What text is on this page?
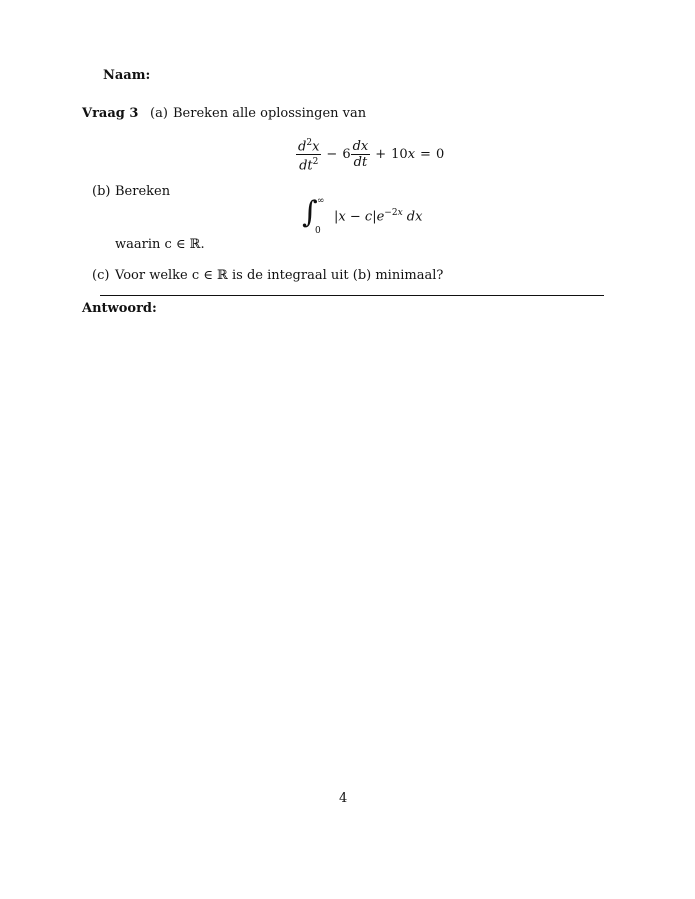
Naam:
Vraag 3 (a) Bereken alle oplossingen van
$\frac{d^2x}{dt^2} - 6 \frac{dx}{dt} + 10x = 0$
(b) Bereken
∫ ∞
0
$|x - c|e^{-2x}$ dx
waarin c ∈ ℝ.
(c) Voor welke c ∈ ℝ is de integraal uit (b) minimaal?
Antwoord:
4
